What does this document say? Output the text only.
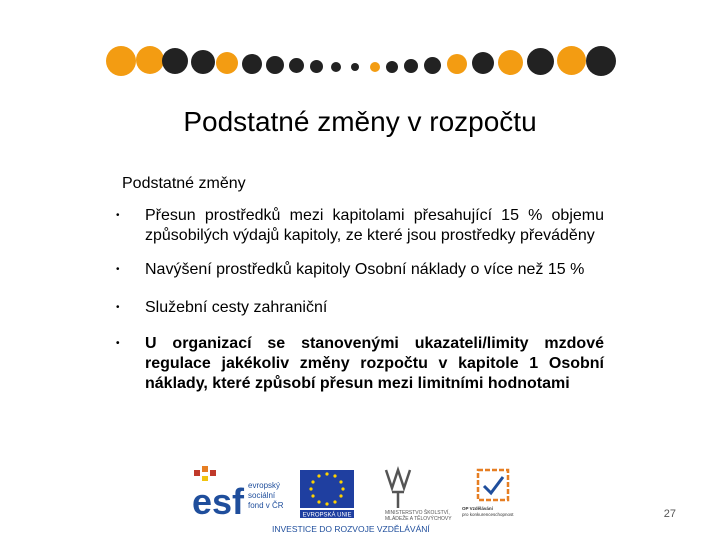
Podstatné změny v rozpočtu
Podstatné změny
• Přesun prostředků mezi kapitolami přesahující 15 % objemu způsobilých výdajů kapitoly, ze které jsou prostředky převáděny
• Navýšení prostředků kapitoly Osobní náklady o více než 15 %
• Služební cesty zahraniční
• U organizací se stanovenými ukazateli/limity mzdové regulace jakékoliv změny rozpočtu v kapitole 1 Osobní náklady, které způsobí přesun mezi limitními hodnotami
esf evropský
sociální
fond v ČR
EVROPSKÁ UNIE	MINISTERSTVO ŠKOLSTVÍ,
MLÁDEŽE A TĚLOVÝCHOVY
OP Vzdělávání
pro konkurenceschopnost
INVESTICE DO ROZVOJE VZDĚLÁVÁNÍ
27
